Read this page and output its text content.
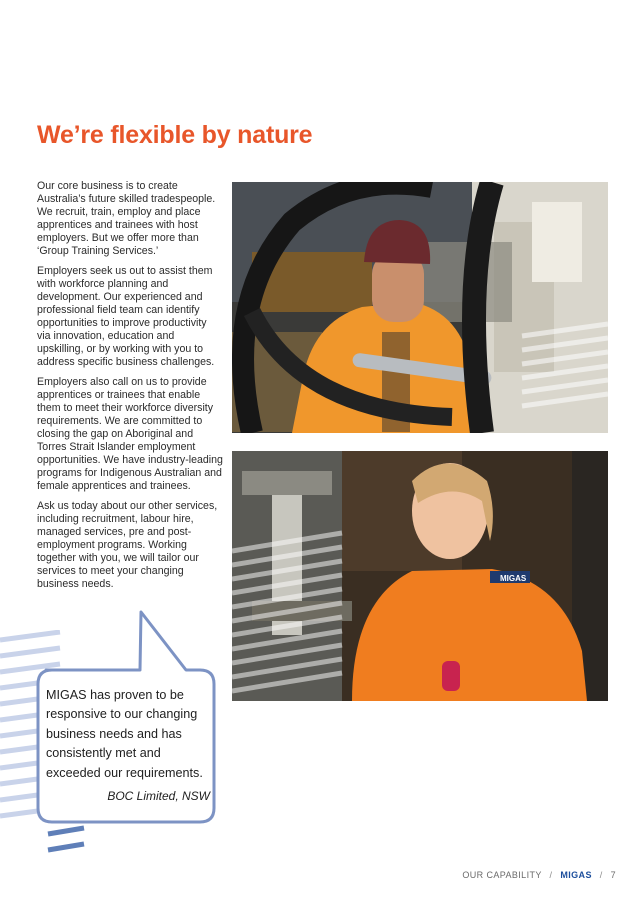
We’re flexible by nature

Our core business is to create Australia’s future skilled tradespeople. We recruit, train, employ and place apprentices and trainees with host employers. But we offer more than ‘Group Training Services.’

Employers seek us out to assist them with workforce planning and development. Our experienced and professional field team can identify opportunities to improve productivity via innovation, education and upskilling, or by working with you to address specific business challenges.

Employers also call on us to provide apprentices or trainees that enable them to meet their workforce diversity requirements. We are committed to closing the gap on Aboriginal and Torres Strait Islander employment opportunities. We have industry-leading programs for Indigenous Australian and female apprentices and trainees.

Ask us today about our other services, including recruitment, labour hire, managed services, pre and post-employment programs. Working together with you, we will tailor our services to meet your changing business needs.	MIGAS

MIGAS has proven to be responsive to our changing business needs and has consistently met and exceeded our requirements.

BOC Limited, NSW

OUR CAPABILITY / MIGAS / 7
